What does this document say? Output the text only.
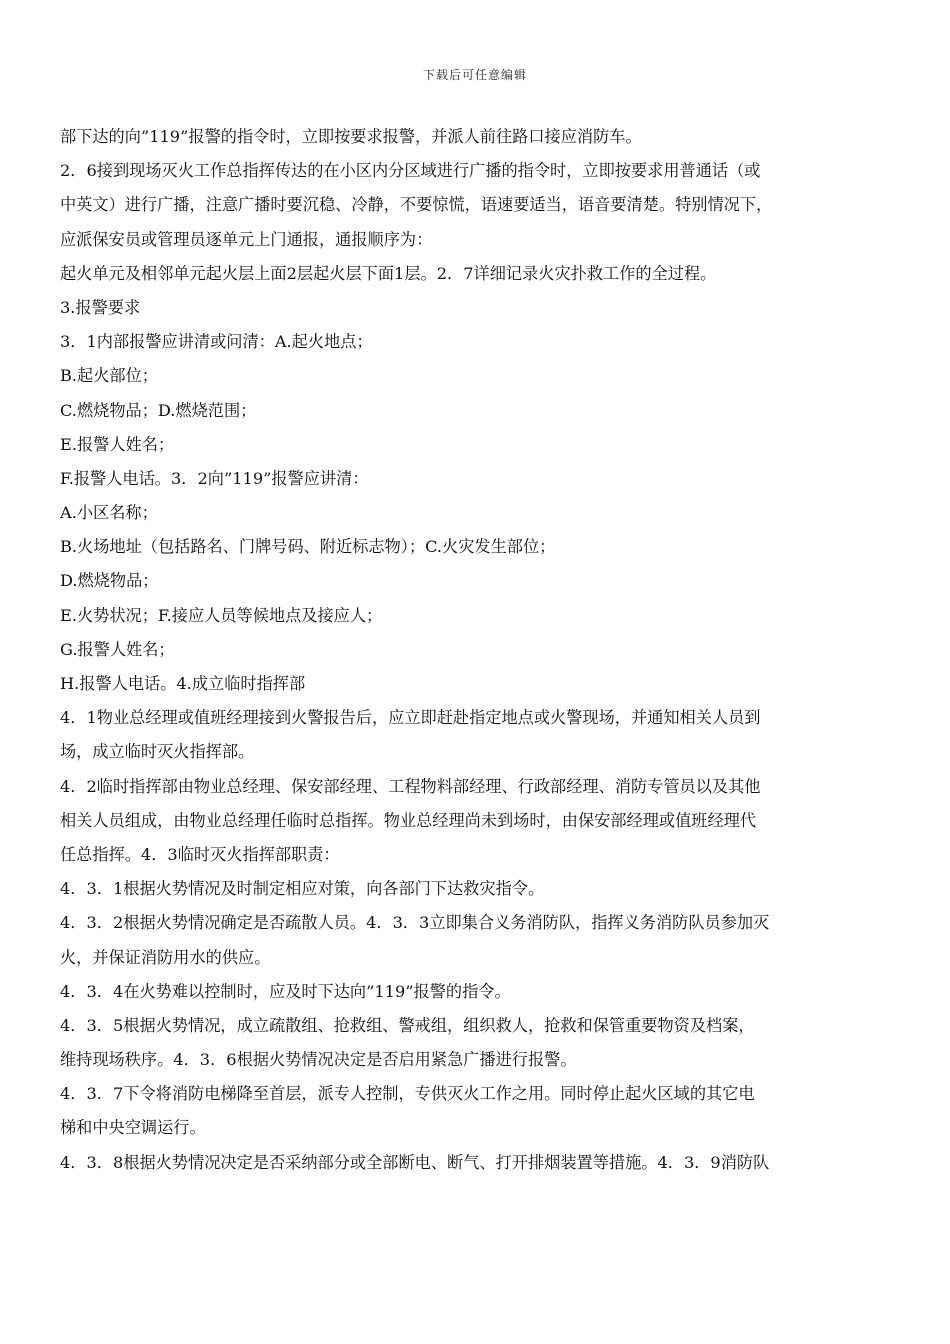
下载后可任意编辑
部下达的向”119”报警的指令时，立即按要求报警，并派人前往路口接应消防车。
2．6接到现场灭火工作总指挥传达的在小区内分区域进行广播的指令时，立即按要求用普通话（或
中英文）进行广播，注意广播时要沉稳、冷静，不要惊慌，语速要适当，语音要清楚。特别情况下，
应派保安员或管理员逐单元上门通报，通报顺序为：
起火单元及相邻单元起火层上面2层起火层下面1层。2．7详细记录火灾扑救工作的全过程。
3.报警要求
3．1内部报警应讲清或问清：A.起火地点；
B.起火部位；
C.燃烧物品；D.燃烧范围；
E.报警人姓名；
F.报警人电话。3．2向”119”报警应讲清：
A.小区名称；
B.火场地址（包括路名、门牌号码、附近标志物）；C.火灾发生部位；
D.燃烧物品；
E.火势状况；F.接应人员等候地点及接应人；
G.报警人姓名；
H.报警人电话。4.成立临时指挥部
4．1物业总经理或值班经理接到火警报告后，应立即赶赴指定地点或火警现场，并通知相关人员到
场，成立临时灭火指挥部。
4．2临时指挥部由物业总经理、保安部经理、工程物料部经理、行政部经理、消防专管员以及其他
相关人员组成，由物业总经理任临时总指挥。物业总经理尚未到场时，由保安部经理或值班经理代
任总指挥。4．3临时灭火指挥部职责：
4．3．1根据火势情况及时制定相应对策，向各部门下达救灾指令。
4．3．2根据火势情况确定是否疏散人员。4．3．3立即集合义务消防队，指挥义务消防队员参加灭
火，并保证消防用水的供应。
4．3．4在火势难以控制时，应及时下达向”119”报警的指令。
4．3．5根据火势情况，成立疏散组、抢救组、警戒组，组织救人，抢救和保管重要物资及档案，
维持现场秩序。4．3．6根据火势情况决定是否启用紧急广播进行报警。
4．3．7下令将消防电梯降至首层，派专人控制，专供灭火工作之用。同时停止起火区域的其它电
梯和中央空调运行。
4．3．8根据火势情况决定是否采纳部分或全部断电、断气、打开排烟装置等措施。4．3．9消防队
